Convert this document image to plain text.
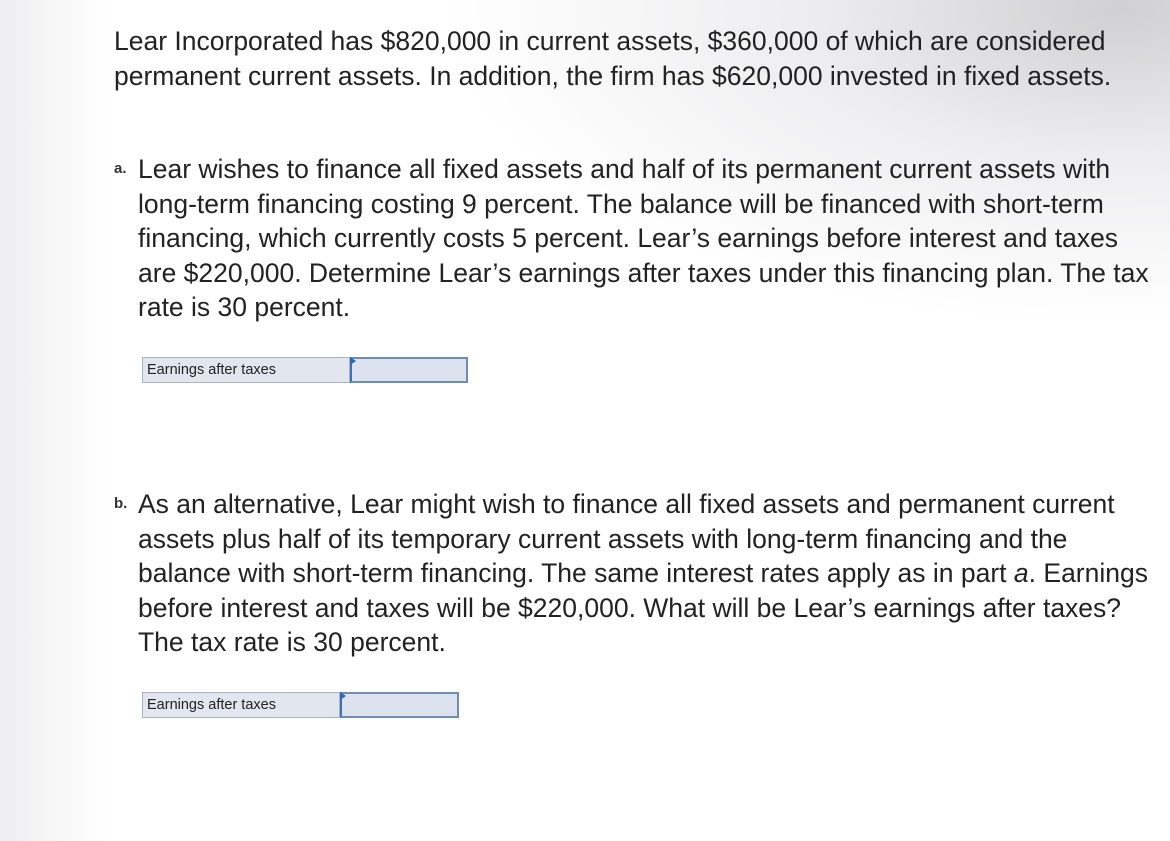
Lear Incorporated has $820,000 in current assets, $360,000 of which are considered permanent current assets. In addition, the firm has $620,000 invested in fixed assets.
a. Lear wishes to finance all fixed assets and half of its permanent current assets with long-term financing costing 9 percent. The balance will be financed with short-term financing, which currently costs 5 percent. Lear’s earnings before interest and taxes are $220,000. Determine Lear’s earnings after taxes under this financing plan. The tax rate is 30 percent.
Earnings after taxes
b. As an alternative, Lear might wish to finance all fixed assets and permanent current assets plus half of its temporary current assets with long-term financing and the balance with short-term financing. The same interest rates apply as in part a. Earnings before interest and taxes will be $220,000. What will be Lear’s earnings after taxes? The tax rate is 30 percent.
Earnings after taxes
